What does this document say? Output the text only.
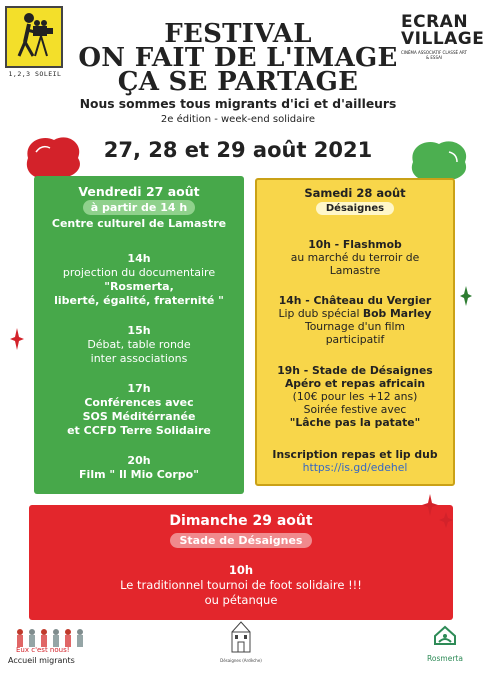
1,2,3 SOLEIL
ECRAN
VILLAGE
CINÉMA ASSOCIATIF CLASSÉ ART & ESSAI
FESTIVAL
ON FAIT DE L'IMAGE
ÇA SE PARTAGE
Nous sommes tous migrants d'ici et d'ailleurs
2e édition - week-end solidaire
27, 28 et 29 août 2021
Vendredi 27 août
à partir de 14 h
Centre culturel de Lamastre
14h
projection du documentaire
"Rosmerta,
liberté, égalité, fraternité "
15h
Débat, table ronde
inter associations
17h
Conférences avec
SOS Méditérranée
et CCFD Terre Solidaire
20h
Film " Il Mio Corpo"
Samedi 28 août
Désaignes
10h - Flashmob
au marché du terroir de
Lamastre
14h - Château du Vergier
Lip dub spécial Bob Marley
Tournage d'un film
participatif
19h - Stade de Désaignes
Apéro et repas africain
(10€ pour les +12 ans)
Soirée festive avec
"Lâche pas la patate"
Inscription repas et lip dub
https://is.gd/edehel
Dimanche 29 août
Stade de Désaignes
10h
Le traditionnel tournoi de foot solidaire !!!
ou pétanque
Eux c'est nous!
Accueil migrants	Désaignes (Ardèche)	Rosmerta
